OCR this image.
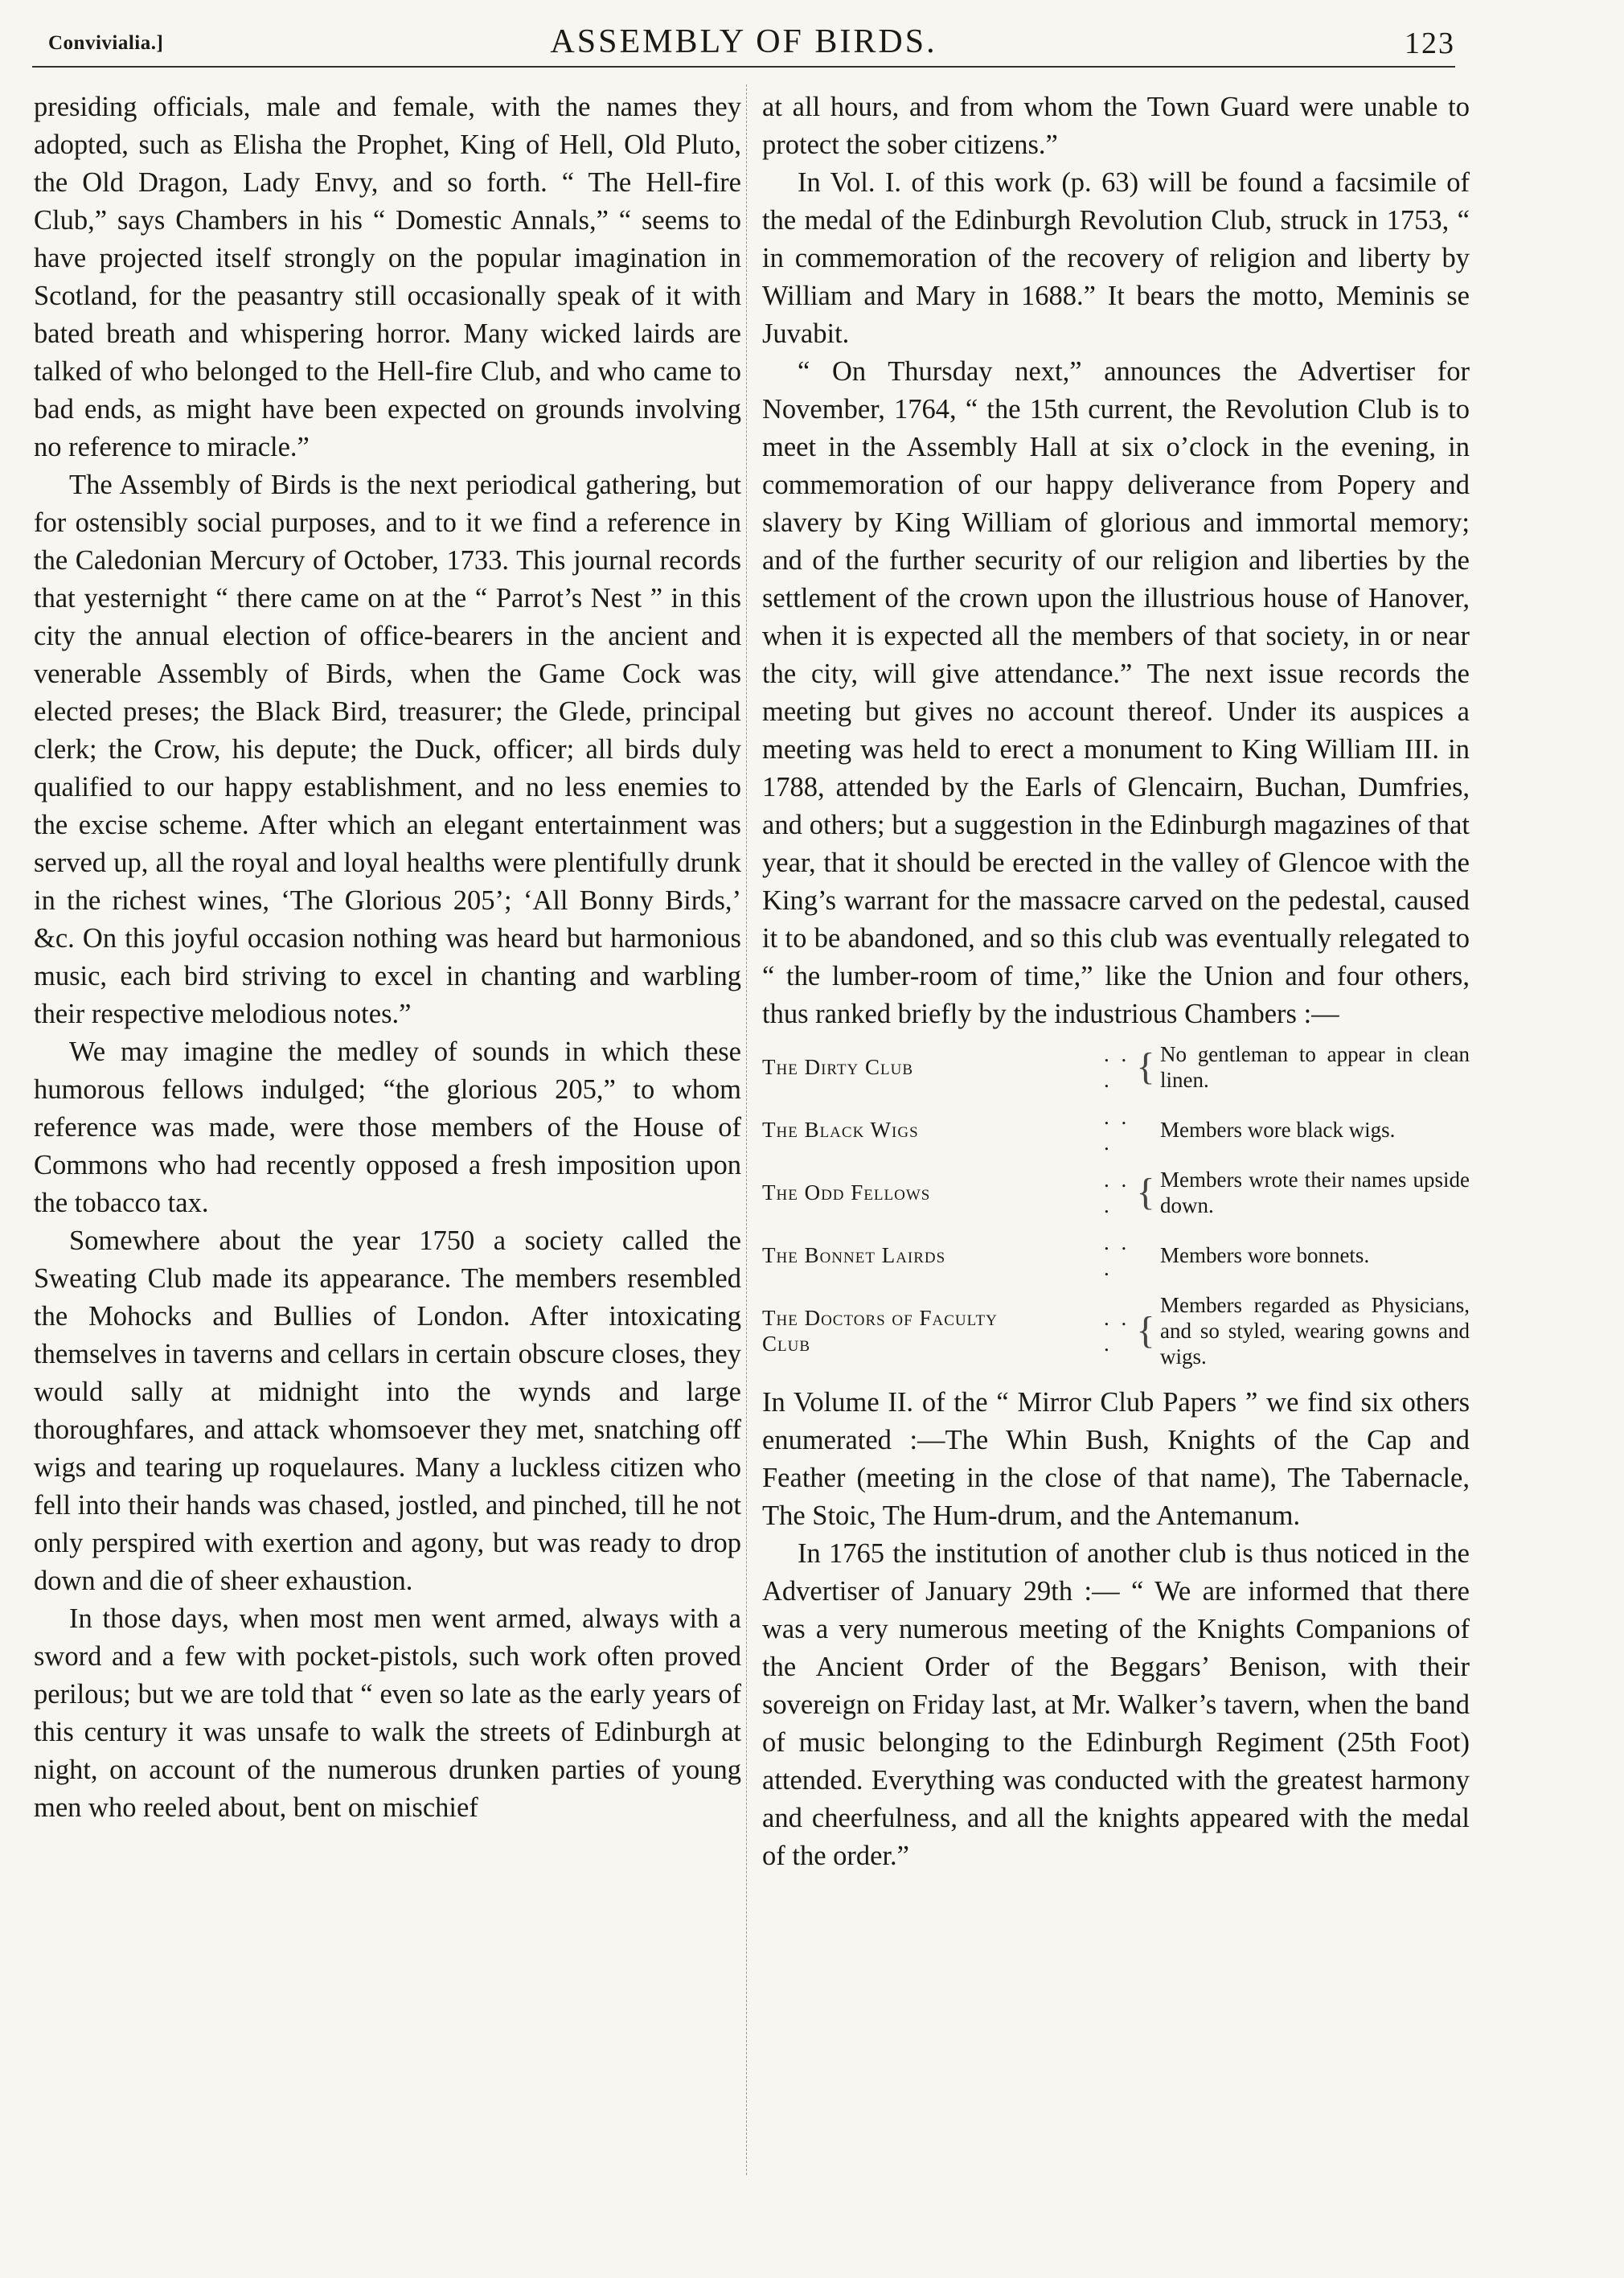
Convivialia.]	ASSEMBLY OF BIRDS.	123

presiding officials, male and female, with the names they adopted, such as Elisha the Prophet, King of Hell, Old Pluto, the Old Dragon, Lady Envy, and so forth. “ The Hell-fire Club,” says Chambers in his “ Domestic Annals,” “ seems to have projected itself strongly on the popular imagination in Scotland, for the peasantry still occasionally speak of it with bated breath and whispering horror. Many wicked lairds are talked of who belonged to the Hell-fire Club, and who came to bad ends, as might have been expected on grounds involving no reference to miracle.”

The Assembly of Birds is the next periodical gathering, but for ostensibly social purposes, and to it we find a reference in the Caledonian Mercury of October, 1733. This journal records that yesternight “ there came on at the “ Parrot’s Nest ” in this city the annual election of office-bearers in the ancient and venerable Assembly of Birds, when the Game Cock was elected preses; the Black Bird, treasurer; the Glede, principal clerk; the Crow, his depute; the Duck, officer; all birds duly qualified to our happy establishment, and no less enemies to the excise scheme. After which an elegant entertainment was served up, all the royal and loyal healths were plentifully drunk in the richest wines, ‘The Glorious 205’; ‘All Bonny Birds,’ &c. On this joyful occasion nothing was heard but harmonious music, each bird striving to excel in chanting and warbling their respective melodious notes.”

We may imagine the medley of sounds in which these humorous fellows indulged; “the glorious 205,” to whom reference was made, were those members of the House of Commons who had recently opposed a fresh imposition upon the tobacco tax.

Somewhere about the year 1750 a society called the Sweating Club made its appearance. The members resembled the Mohocks and Bullies of London. After intoxicating themselves in taverns and cellars in certain obscure closes, they would sally at midnight into the wynds and large thoroughfares, and attack whomsoever they met, snatching off wigs and tearing up roquelaures. Many a luckless citizen who fell into their hands was chased, jostled, and pinched, till he not only perspired with exertion and agony, but was ready to drop down and die of sheer exhaustion.

In those days, when most men went armed, always with a sword and a few with pocket-pistols, such work often proved perilous; but we are told that “ even so late as the early years of this century it was unsafe to walk the streets of Edinburgh at night, on account of the numerous drunken parties of young men who reeled about, bent on mischief

at all hours, and from whom the Town Guard were unable to protect the sober citizens.”

In Vol. I. of this work (p. 63) will be found a facsimile of the medal of the Edinburgh Revolution Club, struck in 1753, “ in commemoration of the recovery of religion and liberty by William and Mary in 1688.” It bears the motto, Meminis se Juvabit.

“ On Thursday next,” announces the Advertiser for November, 1764, “ the 15th current, the Revolution Club is to meet in the Assembly Hall at six o’clock in the evening, in commemoration of our happy deliverance from Popery and slavery by King William of glorious and immortal memory; and of the further security of our religion and liberties by the settlement of the crown upon the illustrious house of Hanover, when it is expected all the members of that society, in or near the city, will give attendance.” The next issue records the meeting but gives no account thereof. Under its auspices a meeting was held to erect a monument to King William III. in 1788, attended by the Earls of Glencairn, Buchan, Dumfries, and others; but a suggestion in the Edinburgh magazines of that year, that it should be erected in the valley of Glencoe with the King’s warrant for the massacre carved on the pedestal, caused it to be abandoned, and so this club was eventually relegated to “ the lumber-room of time,” like the Union and four others, thus ranked briefly by the industrious Chambers :—

The Dirty Club
. . . { No gentleman to appear in clean linen.
The Black Wigs
. . .
Members wore black wigs.
The Odd Fellows
. . . { Members wrote their names upside down.
The Bonnet Lairds
. . .
Members wore bonnets.
The Doctors of Faculty
Club
. . . {
Members regarded as Physicians, and so styled, wearing gowns and wigs.

In Volume II. of the “ Mirror Club Papers ” we find six others enumerated :—The Whin Bush, Knights of the Cap and Feather (meeting in the close of that name), The Tabernacle, The Stoic, The Hum-drum, and the Antemanum.

In 1765 the institution of another club is thus noticed in the Advertiser of January 29th :— “ We are informed that there was a very numerous meeting of the Knights Companions of the Ancient Order of the Beggars’ Benison, with their sovereign on Friday last, at Mr. Walker’s tavern, when the band of music belonging to the Edinburgh Regiment (25th Foot) attended. Everything was conducted with the greatest harmony and cheerfulness, and all the knights appeared with the medal of the order.”
